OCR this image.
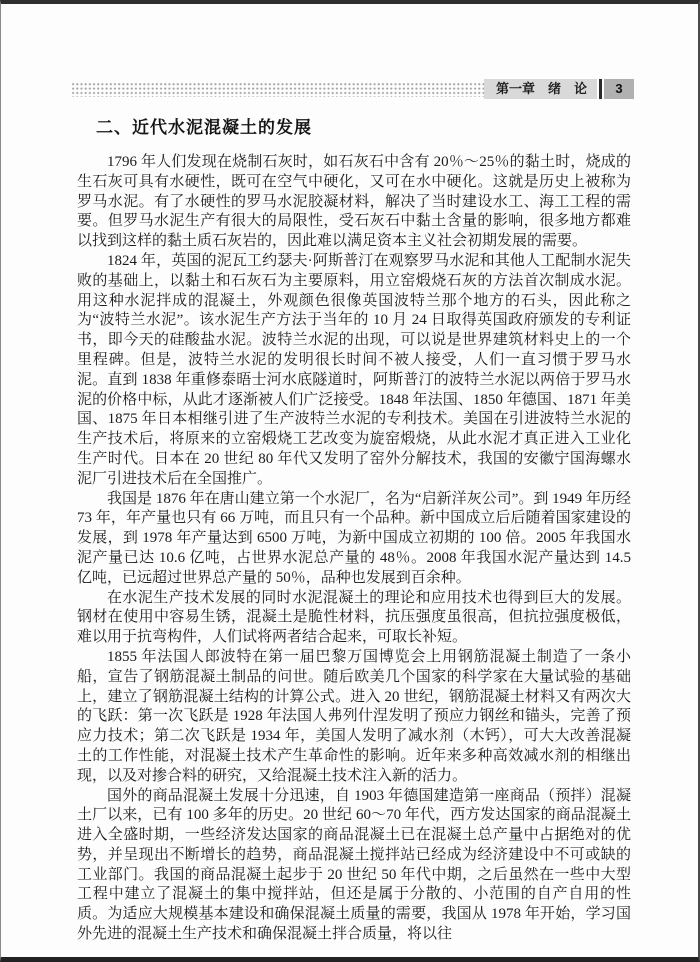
第一章　绪　论	3
二、近代水泥混凝土的发展

1796 年人们发现在烧制石灰时，如石灰石中含有 20％～25％的黏土时，烧成的生石灰可具有水硬性，既可在空气中硬化，又可在水中硬化。这就是历史上被称为罗马水泥。有了水硬性的罗马水泥胶凝材料，解决了当时建设水工、海工工程的需要。但罗马水泥生产有很大的局限性，受石灰石中黏土含量的影响，很多地方都难以找到这样的黏土质石灰岩的，因此难以满足资本主义社会初期发展的需要。

1824 年，英国的泥瓦工约瑟夫·阿斯普汀在观察罗马水泥和其他人工配制水泥失败的基础上，以黏土和石灰石为主要原料，用立窑煅烧石灰的方法首次制成水泥。用这种水泥拌成的混凝土，外观颜色很像英国波特兰那个地方的石头，因此称之为“波特兰水泥”。该水泥生产方法于当年的 10 月 24 日取得英国政府颁发的专利证书，即今天的硅酸盐水泥。波特兰水泥的出现，可以说是世界建筑材料史上的一个里程碑。但是，波特兰水泥的发明很长时间不被人接受，人们一直习惯于罗马水泥。直到 1838 年重修泰晤士河水底隧道时，阿斯普汀的波特兰水泥以两倍于罗马水泥的价格中标，从此才逐渐被人们广泛接受。1848 年法国、1850 年德国、1871 年美国、1875 年日本相继引进了生产波特兰水泥的专利技术。美国在引进波特兰水泥的生产技术后，将原来的立窑煅烧工艺改变为旋窑煅烧，从此水泥才真正进入工业化生产时代。日本在 20 世纪 80 年代又发明了窑外分解技术，我国的安徽宁国海螺水泥厂引进技术后在全国推广。

我国是 1876 年在唐山建立第一个水泥厂，名为“启新洋灰公司”。到 1949 年历经 73 年，年产量也只有 66 万吨，而且只有一个品种。新中国成立后后随着国家建设的发展，到 1978 年产量达到 6500 万吨，为新中国成立初期的 100 倍。2005 年我国水泥产量已达 10.6 亿吨，占世界水泥总产量的 48％。2008 年我国水泥产量达到 14.5 亿吨，已远超过世界总产量的 50％，品种也发展到百余种。

在水泥生产技术发展的同时水泥混凝土的理论和应用技术也得到巨大的发展。钢材在使用中容易生锈，混凝土是脆性材料，抗压强度虽很高，但抗拉强度极低，难以用于抗弯构件，人们试将两者结合起来，可取长补短。

1855 年法国人郎波特在第一届巴黎万国博览会上用钢筋混凝土制造了一条小船，宣告了钢筋混凝土制品的问世。随后欧美几个国家的科学家在大量试验的基础上，建立了钢筋混凝土结构的计算公式。进入 20 世纪，钢筋混凝土材料又有两次大的飞跃：第一次飞跃是 1928 年法国人弗列什涅发明了预应力钢丝和锚头，完善了预应力技术；第二次飞跃是 1934 年，美国人发明了减水剂（木钙），可大大改善混凝土的工作性能，对混凝土技术产生革命性的影响。近年来多种高效减水剂的相继出现，以及对掺合料的研究，又给混凝土技术注入新的活力。

国外的商品混凝土发展十分迅速，自 1903 年德国建造第一座商品（预拌）混凝土厂以来，已有 100 多年的历史。20 世纪 60～70 年代，西方发达国家的商品混凝土进入全盛时期，一些经济发达国家的商品混凝土已在混凝土总产量中占据绝对的优势，并呈现出不断增长的趋势，商品混凝土搅拌站已经成为经济建设中不可或缺的工业部门。我国的商品混凝土起步于 20 世纪 50 年代中期，之后虽然在一些中大型工程中建立了混凝土的集中搅拌站，但还是属于分散的、小范围的自产自用的性质。为适应大规模基本建设和确保混凝土质量的需要，我国从 1978 年开始，学习国外先进的混凝土生产技术和确保混凝土拌合质量，将以往
